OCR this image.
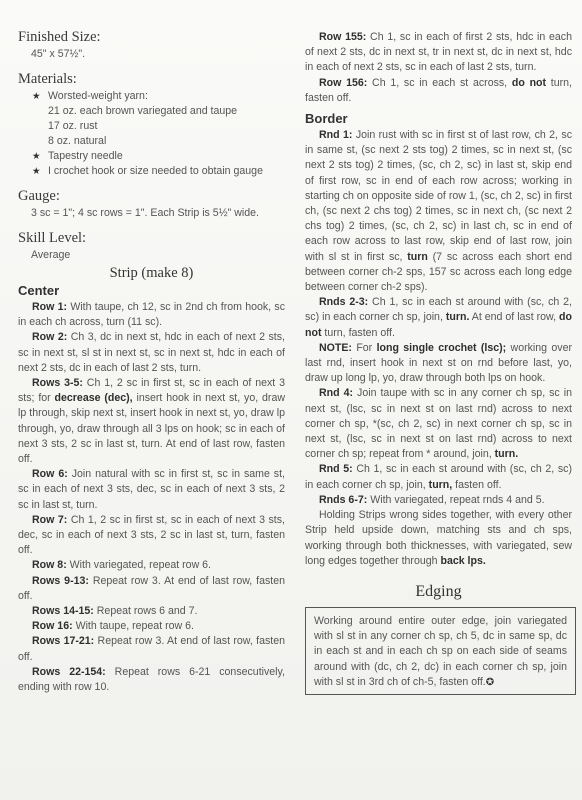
Finished Size:
45" x 57½".
Materials:
★ Worsted-weight yarn:
21 oz. each brown variegated and taupe
17 oz. rust
8 oz. natural
★ Tapestry needle
★ I crochet hook or size needed to obtain gauge
Gauge:
3 sc = 1"; 4 sc rows = 1". Each Strip is 5½" wide.
Skill Level:
Average
Strip (make 8)
Center

Row 1: With taupe, ch 12, sc in 2nd ch from hook, sc in each ch across, turn (11 sc).

Row 2: Ch 3, dc in next st, hdc in each of next 2 sts, sc in next st, sl st in next st, sc in next st, hdc in each of next 2 sts, dc in each of last 2 sts, turn.

Rows 3-5: Ch 1, 2 sc in first st, sc in each of next 3 sts; for decrease (dec), insert hook in next st, yo, draw lp through, skip next st, insert hook in next st, yo, draw lp through, yo, draw through all 3 lps on hook; sc in each of next 3 sts, 2 sc in last st, turn. At end of last row, fasten off.

Row 6: Join natural with sc in first st, sc in same st, sc in each of next 3 sts, dec, sc in each of next 3 sts, 2 sc in last st, turn.

Row 7: Ch 1, 2 sc in first st, sc in each of next 3 sts, dec, sc in each of next 3 sts, 2 sc in last st, turn, fasten off.

Row 8: With variegated, repeat row 6.

Rows 9-13: Repeat row 3. At end of last row, fasten off.

Rows 14-15: Repeat rows 6 and 7.

Row 16: With taupe, repeat row 6.

Rows 17-21: Repeat row 3. At end of last row, fasten off.

Rows 22-154: Repeat rows 6-21 consecutively, ending with row 10.

Row 155: Ch 1, sc in each of first 2 sts, hdc in each of next 2 sts, dc in next st, tr in next st, dc in next st, hdc in each of next 2 sts, sc in each of last 2 sts, turn.

Row 156: Ch 1, sc in each st across, do not turn, fasten off.

Border

Rnd 1: Join rust with sc in first st of last row, ch 2, sc in same st, (sc next 2 sts tog) 2 times, sc in next st, (sc next 2 sts tog) 2 times, (sc, ch 2, sc) in last st, skip end of first row, sc in end of each row across; working in starting ch on opposite side of row 1, (sc, ch 2, sc) in first ch, (sc next 2 chs tog) 2 times, sc in next ch, (sc next 2 chs tog) 2 times, (sc, ch 2, sc) in last ch, sc in end of each row across to last row, skip end of last row, join with sl st in first sc, turn (7 sc across each short end between corner ch-2 sps, 157 sc across each long edge between corner ch-2 sps).

Rnds 2-3: Ch 1, sc in each st around with (sc, ch 2, sc) in each corner ch sp, join, turn. At end of last row, do not turn, fasten off.

NOTE: For long single crochet (lsc); working over last rnd, insert hook in next st on rnd before last, yo, draw up long lp, yo, draw through both lps on hook.

Rnd 4: Join taupe with sc in any corner ch sp, sc in next st, (lsc, sc in next st on last rnd) across to next corner ch sp, *(sc, ch 2, sc) in next corner ch sp, sc in next st, (lsc, sc in next st on last rnd) across to next corner ch sp; repeat from * around, join, turn.

Rnd 5: Ch 1, sc in each st around with (sc, ch 2, sc) in each corner ch sp, join, turn, fasten off.

Rnds 6-7: With variegated, repeat rnds 4 and 5.

Holding Strips wrong sides together, with every other Strip held upside down, matching sts and ch sps, working through both thicknesses, with variegated, sew long edges together through back lps.

Edging

Working around entire outer edge, join variegated with sl st in any corner ch sp, ch 5, dc in same sp, dc in each st and in each ch sp on each side of seams around with (dc, ch 2, dc) in each corner ch sp, join with sl st in 3rd ch of ch-5, fasten off.✪
